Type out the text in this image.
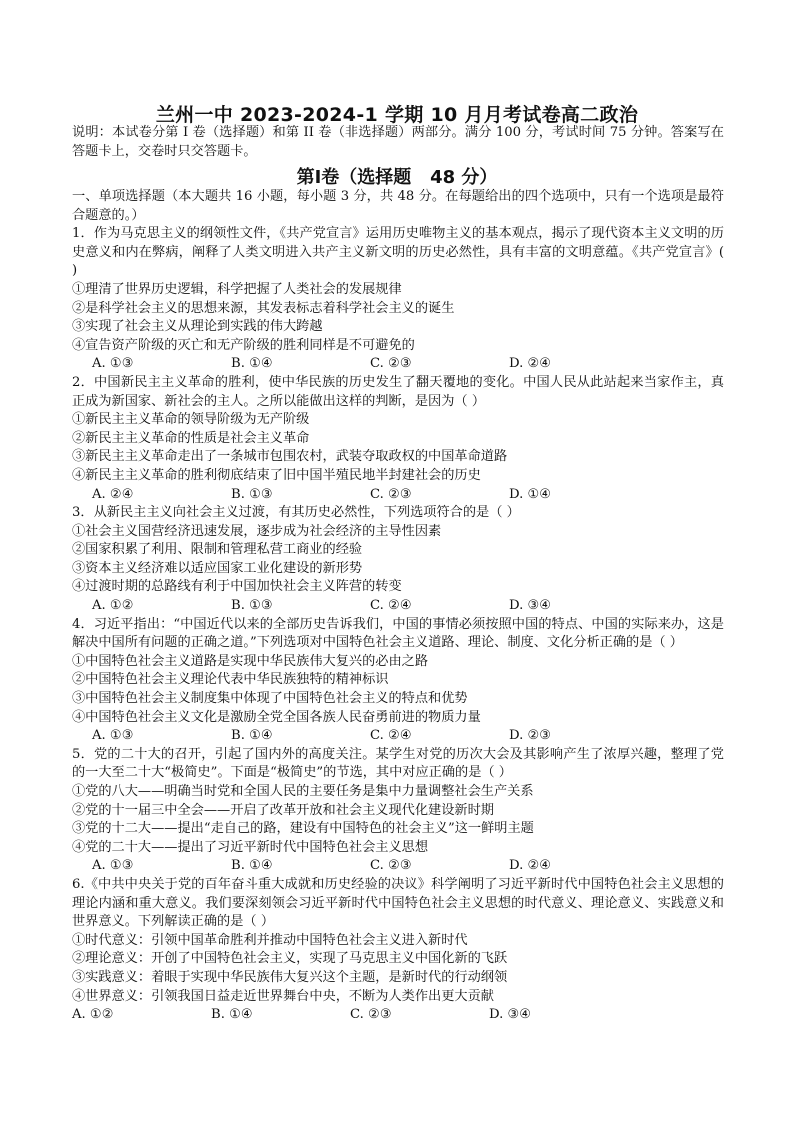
兰州一中 2023-2024-1 学期 10 月月考试卷高二政治
说明：本试卷分第 I 卷（选择题）和第 II 卷（非选择题）两部分。满分 100 分，考试时间 75 分钟。答案写在答题卡上，交卷时只交答题卡。
第Ⅰ卷（选择题   48 分）

一、单项选择题（本大题共 16 小题，每小题 3 分，共 48 分。在每题给出的四个选项中，只有一个选项是最符合题意的。）

1．作为马克思主义的纲领性文件，《共产党宣言》运用历史唯物主义的基本观点，揭示了现代资本主义文明的历史意义和内在弊病，阐释了人类文明进入共产主义新文明的历史必然性，具有丰富的文明意蕴。《共产党宣言》( )

①理清了世界历史逻辑，科学把握了人类社会的发展规律

②是科学社会主义的思想来源，其发表标志着科学社会主义的诞生

③实现了社会主义从理论到实践的伟大跨越

④宣告资产阶级的灭亡和无产阶级的胜利同样是不可避免的

A. ①③	B. ①④	C. ②③	D. ②④

2．中国新民主主义革命的胜利，使中华民族的历史发生了翻天覆地的变化。中国人民从此站起来当家作主，真正成为新国家、新社会的主人。之所以能做出这样的判断，是因为（ ）

①新民主主义革命的领导阶级为无产阶级

②新民主主义革命的性质是社会主义革命

③新民主主义革命走出了一条城市包围农村，武装夺取政权的中国革命道路

④新民主主义革命的胜利彻底结束了旧中国半殖民地半封建社会的历史

A. ②④	B. ①③	C. ②③	D. ①④

3．从新民主主义向社会主义过渡，有其历史必然性，下列选项符合的是（ ）

①社会主义国营经济迅速发展，逐步成为社会经济的主导性因素

②国家积累了利用、限制和管理私营工商业的经验

③资本主义经济难以适应国家工业化建设的新形势

④过渡时期的总路线有利于中国加快社会主义阵营的转变

A. ①②	B. ①③	C. ②④	D. ③④

4．习近平指出：“中国近代以来的全部历史告诉我们，中国的事情必须按照中国的特点、中国的实际来办，这是解决中国所有问题的正确之道。”下列选项对中国特色社会主义道路、理论、制度、文化分析正确的是（ ）

①中国特色社会主义道路是实现中华民族伟大复兴的必由之路

②中国特色社会主义理论代表中华民族独特的精神标识

③中国特色社会主义制度集中体现了中国特色社会主义的特点和优势

④中国特色社会主义文化是激励全党全国各族人民奋勇前进的物质力量

A. ①③	B. ①④	C. ②④	D. ②③

5．党的二十大的召开，引起了国内外的高度关注。某学生对党的历次大会及其影响产生了浓厚兴趣，整理了党的一大至二十大“极简史”。下面是“极简史”的节选，其中对应正确的是（ ）

①党的八大——明确当时党和全国人民的主要任务是集中力量调整社会生产关系

②党的十一届三中全会——开启了改革开放和社会主义现代化建设新时期

③党的十二大——提出“走自己的路，建设有中国特色的社会主义”这一鲜明主题

④党的二十大——提出了习近平新时代中国特色社会主义思想

A. ①③	B. ①④	C. ②③	D. ②④

6.《中共中央关于党的百年奋斗重大成就和历史经验的决议》科学阐明了习近平新时代中国特色社会主义思想的理论内涵和重大意义。我们要深刻领会习近平新时代中国特色社会主义思想的时代意义、理论意义、实践意义和世界意义。下列解读正确的是（ ）

①时代意义：引领中国革命胜利并推动中国特色社会主义进入新时代

②理论意义：开创了中国特色社会主义，实现了马克思主义中国化新的飞跃

③实践意义：着眼于实现中华民族伟大复兴这个主题，是新时代的行动纲领

④世界意义：引领我国日益走近世界舞台中央，不断为人类作出更大贡献

A. ①②	B. ①④	C. ②③	D. ③④
